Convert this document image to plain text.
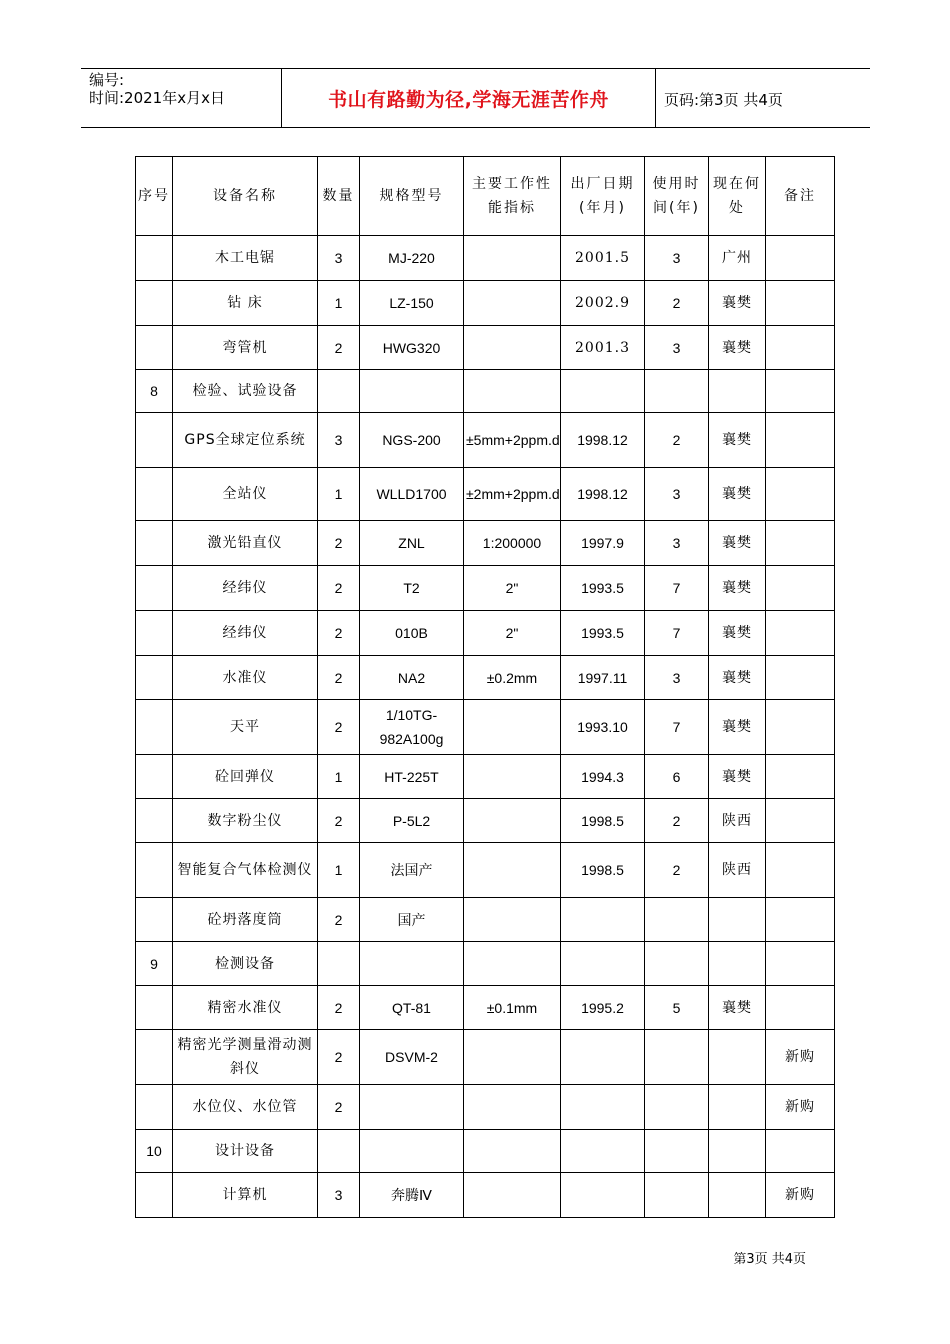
编号:
时间:2021年x月x日	书山有路勤为径,学海无涯苦作舟	页码:第3页 共4页
序号	设备名称	数量	规格型号	主要工作性能指标	出厂日期(年月)	使用时间(年)	现在何处	备注
	木工电锯	3	MJ-220		2001.5	3	广州	
	钻 床	1	LZ-150		2002.9	2	襄樊	
	弯管机	2	HWG320		2001.3	3	襄樊	
8	检验、试验设备							
	GPS全球定位系统	3	NGS-200	±5mm+2ppm.d	1998.12	2	襄樊	
	全站仪	1	WLLD1700	±2mm+2ppm.d	1998.12	3	襄樊	
	激光铅直仪	2	ZNL	1:200000	1997.9	3	襄樊	
	经纬仪	2	T2	2"	1993.5	7	襄樊	
	经纬仪	2	010B	2"	1993.5	7	襄樊	
	水准仪	2	NA2	±0.2mm	1997.11	3	襄樊	
	天平	2	1/10TG-982A100g		1993.10	7	襄樊	
	砼回弹仪	1	HT-225T		1994.3	6	襄樊	
	数字粉尘仪	2	P-5L2		1998.5	2	陕西	
	智能复合气体检测仪	1	法国产		1998.5	2	陕西	
	砼坍落度筒	2	国产					
9	检测设备							
	精密水准仪	2	QT-81	±0.1mm	1995.2	5	襄樊	
	精密光学测量滑动测斜仪	2	DSVM-2					新购
	水位仪、水位管	2						新购
10	设计设备							
	计算机	3	奔腾Ⅳ					新购
第3页 共4页
